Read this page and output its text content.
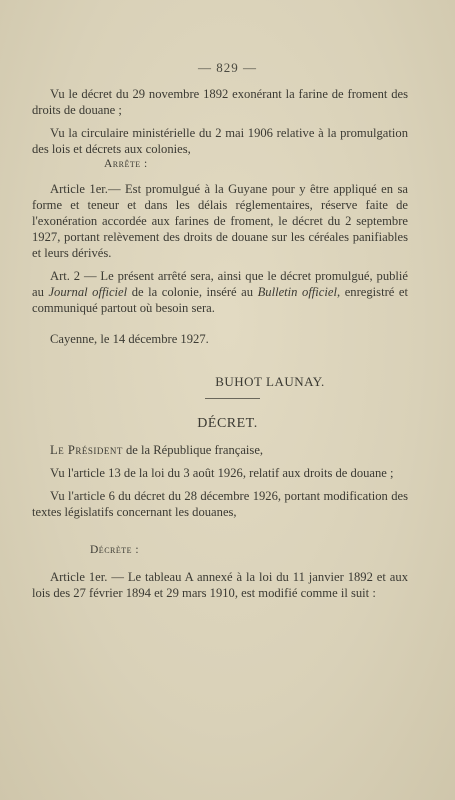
— 829 —

Vu le décret du 29 novembre 1892 exonérant la farine de froment des droits de douane ;

Vu la circulaire ministérielle du 2 mai 1906 relative à la promulgation des lois et décrets aux colonies,

Arrête :

Article 1er.— Est promulgué à la Guyane pour y être appliqué en sa forme et teneur et dans les délais réglementaires, réserve faite de l'exonération accordée aux farines de froment, le décret du 2 septembre 1927, portant relèvement des droits de douane sur les céréales panifiables et leurs dérivés.

Art. 2 — Le présent arrêté sera, ainsi que le décret promulgué, publié au Journal officiel de la colonie, inséré au Bulletin officiel, enregistré et communiqué partout où besoin sera.

Cayenne, le 14 décembre 1927.

BUHOT LAUNAY.
DÉCRET.

Le Président de la République française,

Vu l'article 13 de la loi du 3 août 1926, relatif aux droits de douane ;

Vu l'article 6 du décret du 28 décembre 1926, portant modification des textes législatifs concernant les douanes,

Décrète :

Article 1er. — Le tableau A annexé à la loi du 11 janvier 1892 et aux lois des 27 février 1894 et 29 mars 1910, est modifié comme il suit :
